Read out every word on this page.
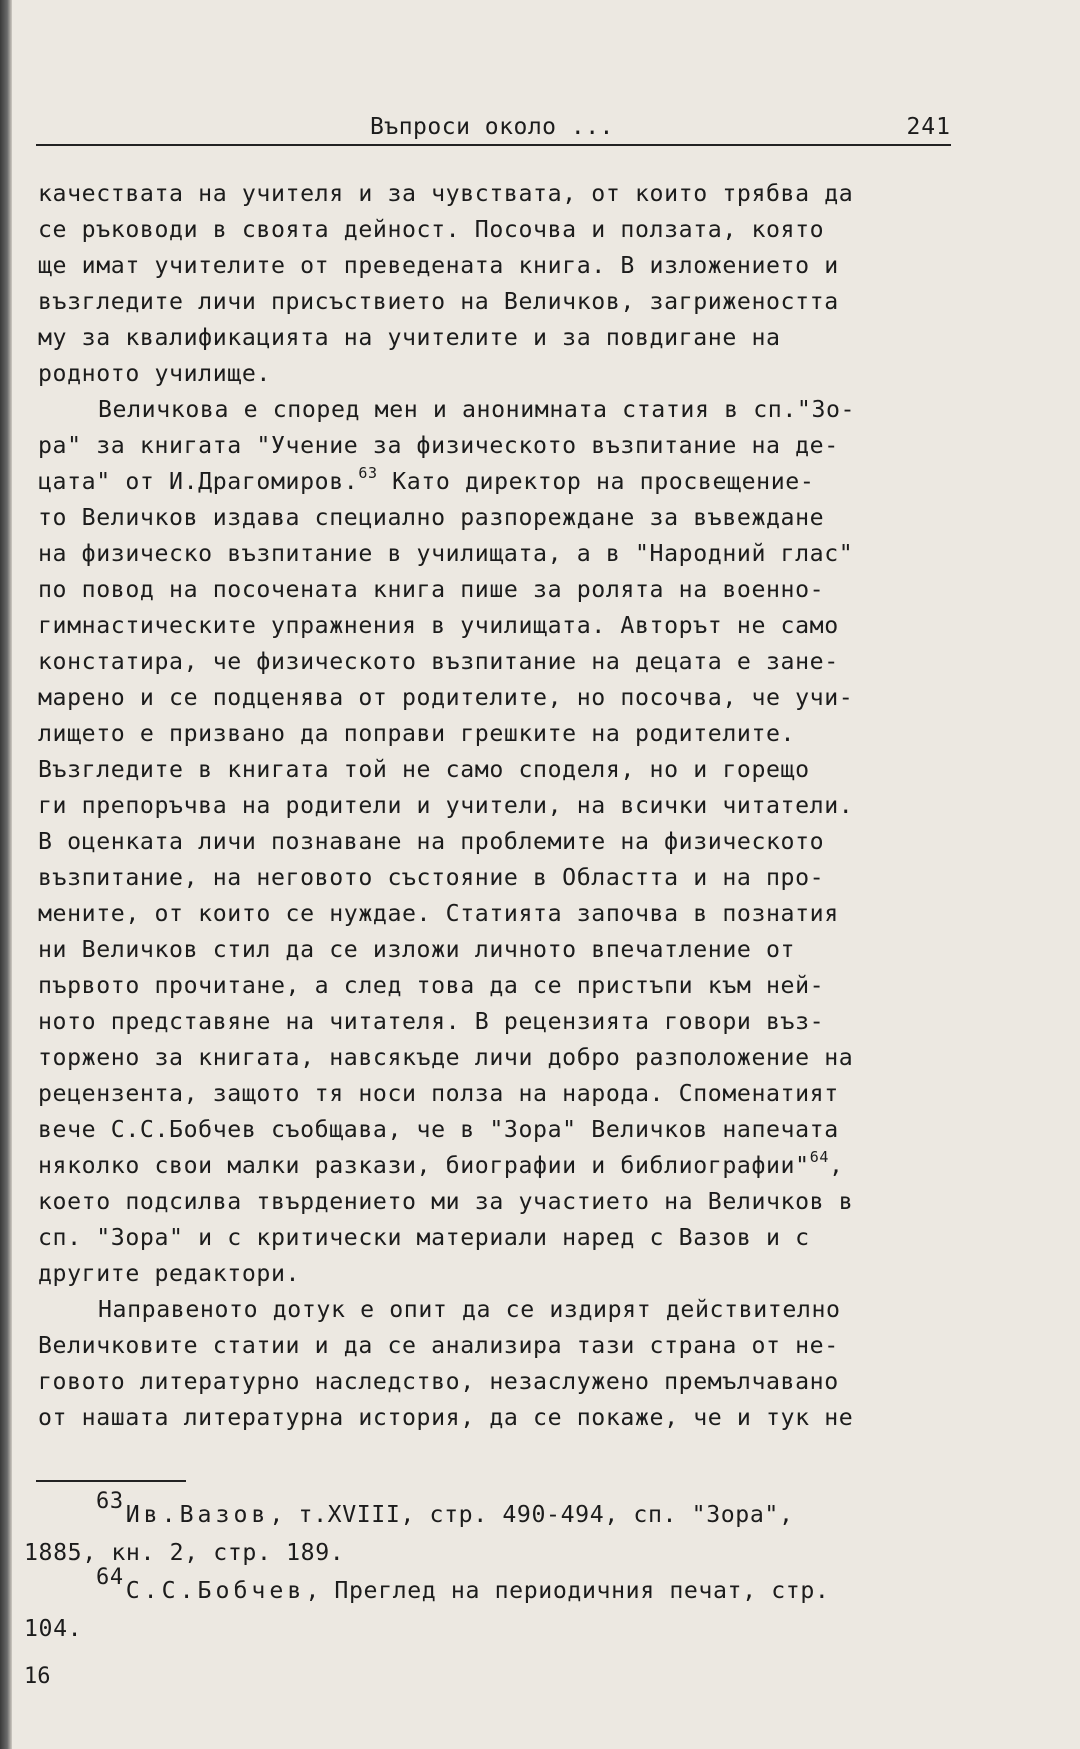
Въпроси около ...	241
качествата на учителя и за чувствата, от които трябва да
се ръководи в своята дейност. Посочва и ползата, която
ще имат учителите от преведената книга. В изложението и
възгледите личи присъствието на Величков, загрижеността
му за квалификацията на учителите и за повдигане на
родното училище.
Величкова е според мен и анонимната статия в сп."Зо-
ра" за книгата "Учение за физическото възпитание на де-
цата" от И.Драгомиров.$^{63}$ Като директор на просвещение-
то Величков издава специално разпореждане за въвеждане
на физическо възпитание в училищата, а в "Народний глас"
по повод на посочената книга пише за ролята на военно-
гимнастическите упражнения в училищата. Авторът не само
констатира, че физическото възпитание на децата е зане-
марено и се подценява от родителите, но посочва, че учи-
лището е призвано да поправи грешките на родителите.
Възгледите в книгата той не само споделя, но и горещо
ги препоръчва на родители и учители, на всички читатели.
В оценката личи познаване на проблемите на физическото
възпитание, на неговото състояние в Областта и на про-
мените, от които се нуждае. Статията започва в познатия
ни Величков стил да се изложи личното впечатление от
първото прочитане, а след това да се пристъпи към ней-
ното представяне на читателя. В рецензията говори въз-
торжено за книгата, навсякъде личи добро разположение на
рецензента, защото тя носи полза на народа. Споменатият
вече С.С.Бобчев съобщава, че в "Зора" Величков напечата
няколко свои малки разкази, биографии и библиографии"$^{64}$,
което подсилва твърдението ми за участието на Величков в
сп. "Зора" и с критически материали наред с Вазов и с
другите редактори.
Направеното дотук е опит да се издирят действително
Величковите статии и да се анализира тази страна от не-
говото литературно наследство, незаслужено премълчавано
от нашата литературна история, да се покаже, че и тук не
63Ив.Вазов, т.XVIII, стр. 490-494, сп. "Зора",
1885, кн. 2, стр. 189.
64С.С.Бобчев, Преглед на периодичния печат, стр.
104.
16
